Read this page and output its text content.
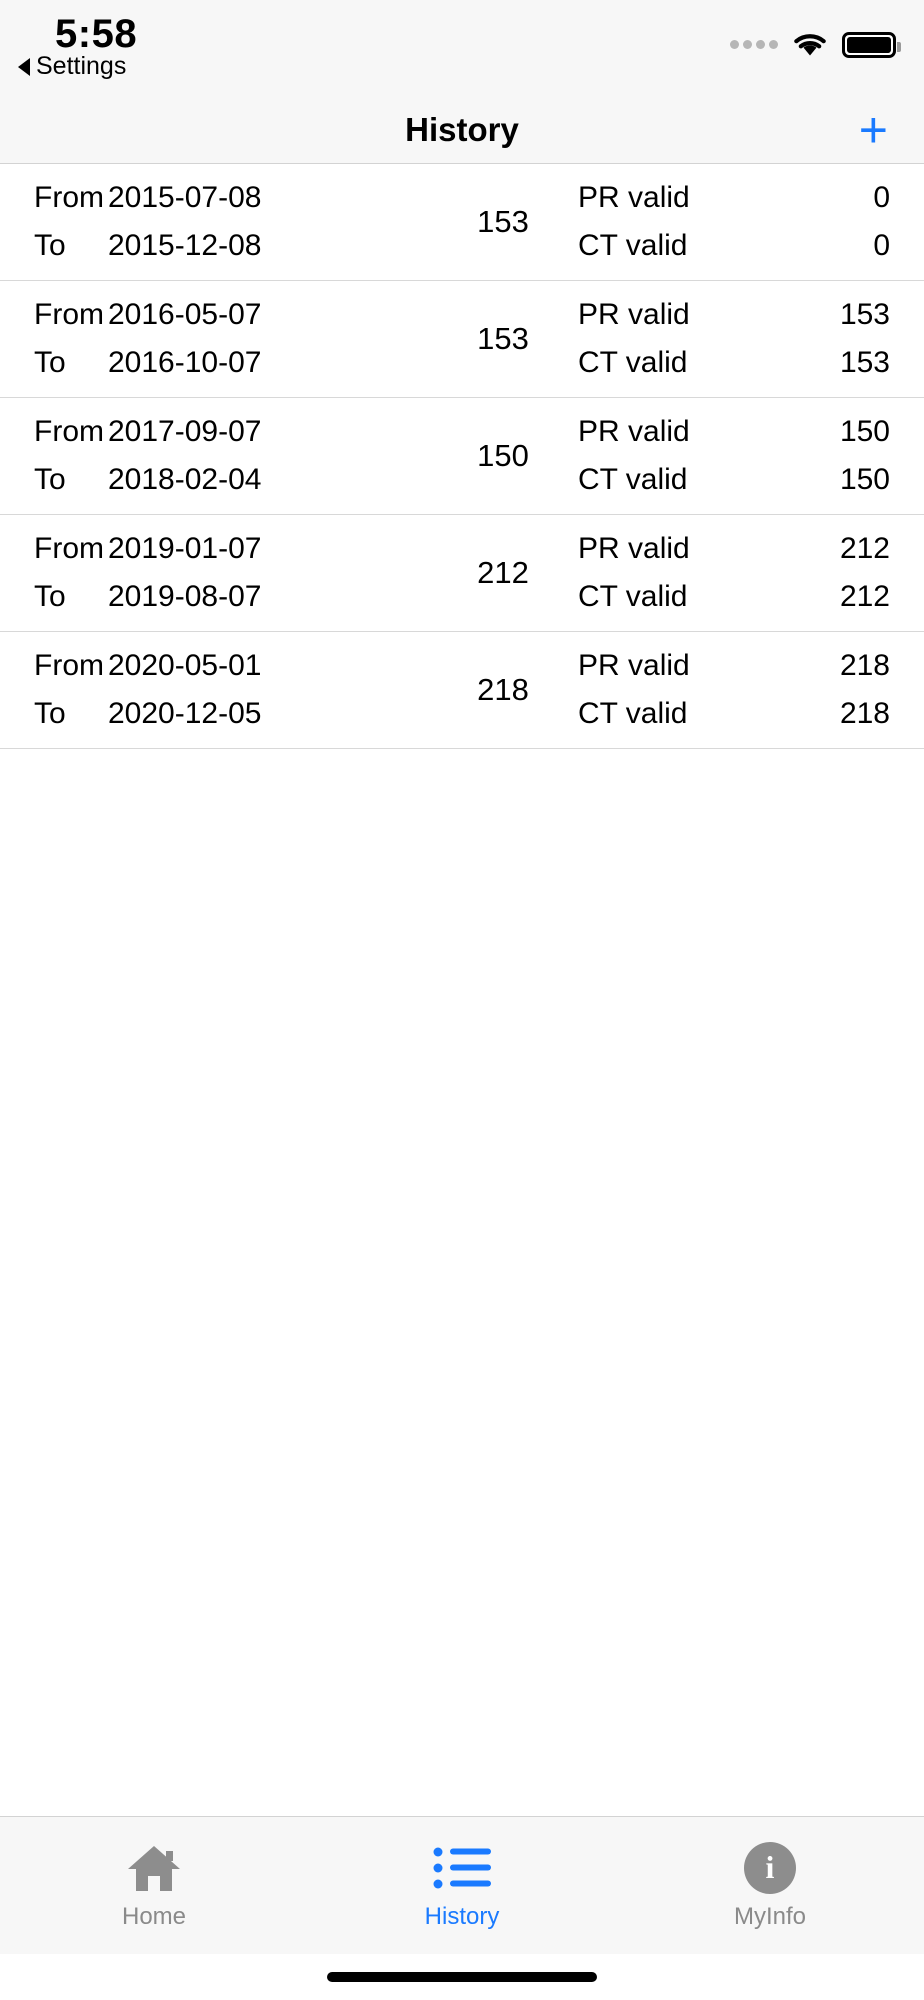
5:58
Settings
History	+
From 2015-07-08
To	2015-12-08
153
PR valid	0
CT valid	0
From 2016-05-07
To	2016-10-07
153
PR valid	153
CT valid	153
From 2017-09-07
To	2018-02-04
150
PR valid	150
CT valid	150
From 2019-01-07
To	2019-08-07
212
PR valid	212
CT valid	212
From 2020-05-01
To	2020-12-05
218
PR valid	218
CT valid	218
Home	History
i
MyInfo
